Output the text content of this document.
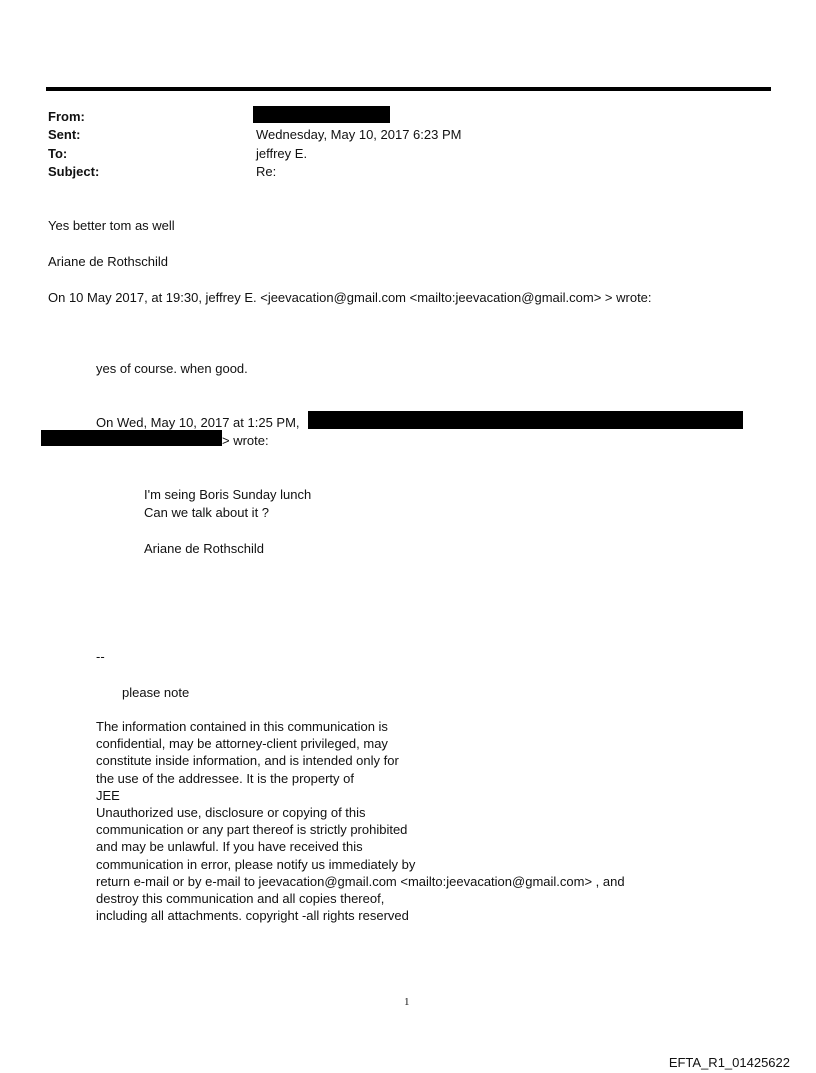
From:
Sent:	Wednesday, May 10, 2017 6:23 PM
To:	jeffrey E.
Subject:	Re:
Yes better tom as well
Ariane de Rothschild
On 10 May 2017, at 19:30, jeffrey E. <jeevacation@gmail.com <mailto:jeevacation@gmail.com> > wrote:
yes of course. when good.
On Wed, May 10, 2017 at 1:25 PM,
> wrote:
I'm seing Boris Sunday lunch
Can we talk about it ?
Ariane de Rothschild
--
please note
The information contained in this communication is
confidential, may be attorney-client privileged, may
constitute inside information, and is intended only for
the use of the addressee. It is the property of
JEE
Unauthorized use, disclosure or copying of this
communication or any part thereof is strictly prohibited
and may be unlawful. If you have received this
communication in error, please notify us immediately by
return e-mail or by e-mail to jeevacation@gmail.com <mailto:jeevacation@gmail.com> , and
destroy this communication and all copies thereof,
including all attachments. copyright -all rights reserved
1
EFTA_R1_01425622
